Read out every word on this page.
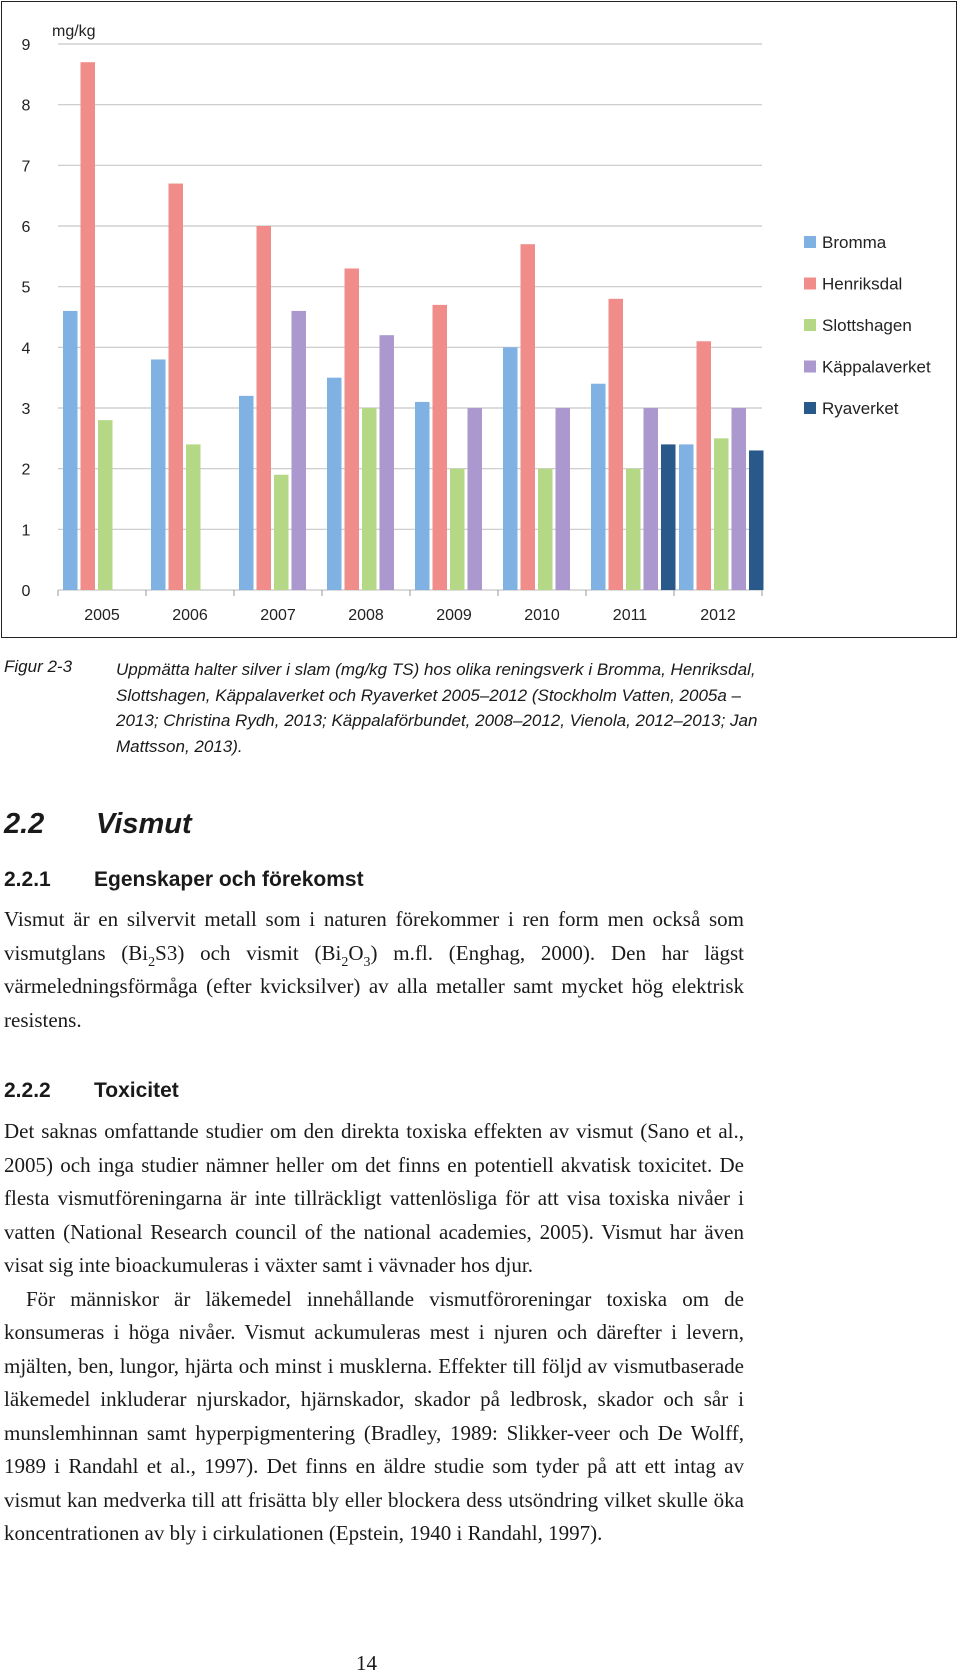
0
1
2
3
4
5
6
7
8
9
2005	2006	2007	2008	2009	2010	2011	2012
Bromma
Henriksdal
Slottshagen
Käppalaverket
Ryaverket
mg/kg
Figur 2-3	Uppmätta halter silver i slam (mg/kg TS) hos olika reningsverk i Bromma, Henriksdal,
Slottshagen, Käppalaverket och Ryaverket 2005–2012 (Stockholm Vatten, 2005a –
2013; Christina Rydh, 2013; Käppalaförbundet, 2008–2012, Vienola, 2012–2013; Jan
Mattsson, 2013).
2.2 Vismut
2.2.1 Egenskaper och förekomst

Vismut är en silvervit metall som i naturen förekommer i ren form men också som vismutglans $(Bi_2S3)$ och vismit $(Bi_2O_3)$ m.fl. (Enghag, 2000). Den har lägst värmeledningsförmåga (efter kvicksilver) av alla metaller samt mycket hög elektrisk resistens.

2.2.2 Toxicitet

Det saknas omfattande studier om den direkta toxiska effekten av vismut (Sano et al., 2005) och inga studier nämner heller om det finns en potentiell akvatisk toxicitet. De flesta vismutföreningarna är inte tillräckligt vattenlösliga för att visa toxiska nivåer i vatten (National Research council of the national academies, 2005). Vismut har även visat sig inte bioackumuleras i växter samt i vävnader hos djur.

För människor är läkemedel innehållande vismutföroreningar toxiska om de konsumeras i höga nivåer. Vismut ackumuleras mest i njuren och därefter i levern, mjälten, ben, lungor, hjärta och minst i musklerna. Effekter till följd av vismutbaserade läkemedel inkluderar njurskador, hjärnskador, skador på ledbrosk, skador och sår i munslemhinnan samt hyperpigmentering (Bradley, 1989: Slikker-veer och De Wolff, 1989 i Randahl et al., 1997). Det finns en äldre studie som tyder på att ett intag av vismut kan medverka till att frisätta bly eller blockera dess utsöndring vilket skulle öka koncentrationen av bly i cirkulationen (Epstein, 1940 i Randahl, 1997).

14
